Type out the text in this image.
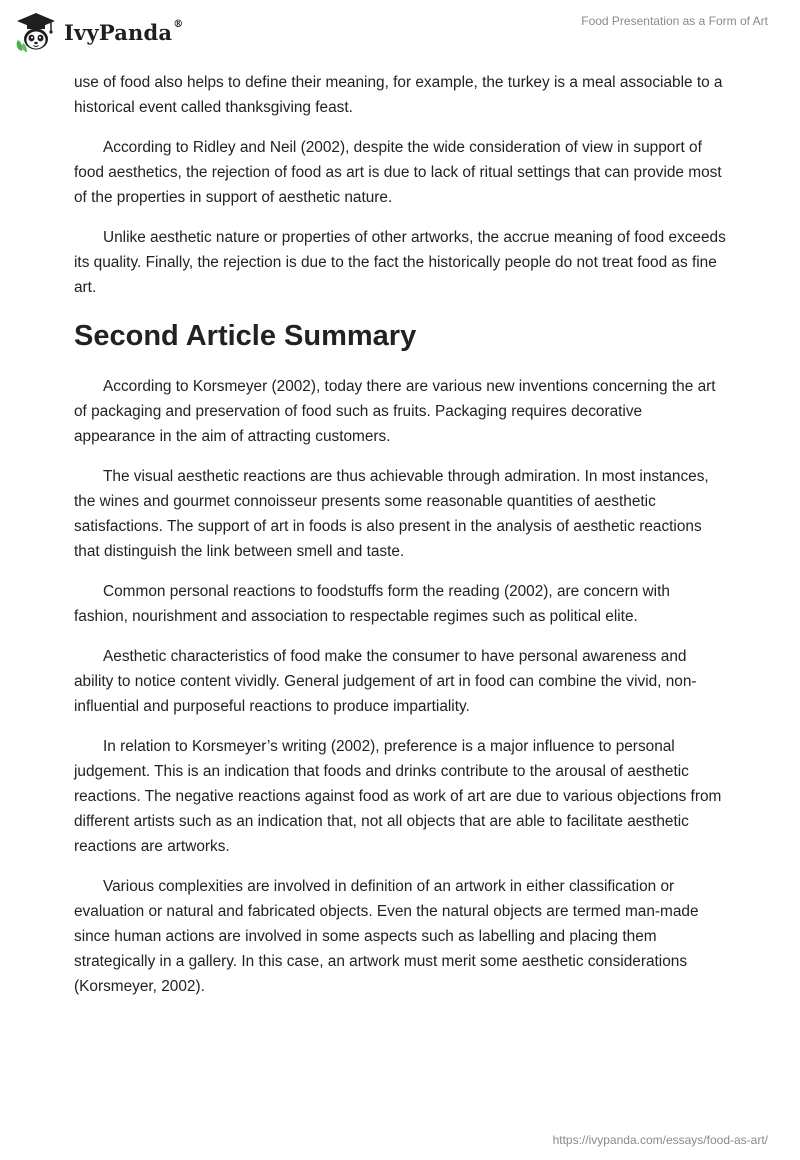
IvyPanda®	Food Presentation as a Form of Art

use of food also helps to define their meaning, for example, the turkey is a meal associable to a historical event called thanksgiving feast.

According to Ridley and Neil (2002), despite the wide consideration of view in support of food aesthetics, the rejection of food as art is due to lack of ritual settings that can provide most of the properties in support of aesthetic nature.

Unlike aesthetic nature or properties of other artworks, the accrue meaning of food exceeds its quality. Finally, the rejection is due to the fact the historically people do not treat food as fine art.

Second Article Summary

According to Korsmeyer (2002), today there are various new inventions concerning the art of packaging and preservation of food such as fruits. Packaging requires decorative appearance in the aim of attracting customers.

The visual aesthetic reactions are thus achievable through admiration. In most instances, the wines and gourmet connoisseur presents some reasonable quantities of aesthetic satisfactions. The support of art in foods is also present in the analysis of aesthetic reactions that distinguish the link between smell and taste.

Common personal reactions to foodstuffs form the reading (2002), are concern with fashion, nourishment and association to respectable regimes such as political elite.

Aesthetic characteristics of food make the consumer to have personal awareness and ability to notice content vividly. General judgement of art in food can combine the vivid, non-influential and purposeful reactions to produce impartiality.

In relation to Korsmeyer’s writing (2002), preference is a major influence to personal judgement. This is an indication that foods and drinks contribute to the arousal of aesthetic reactions. The negative reactions against food as work of art are due to various objections from different artists such as an indication that, not all objects that are able to facilitate aesthetic reactions are artworks.

Various complexities are involved in definition of an artwork in either classification or evaluation or natural and fabricated objects. Even the natural objects are termed man-made since human actions are involved in some aspects such as labelling and placing them strategically in a gallery. In this case, an artwork must merit some aesthetic considerations (Korsmeyer, 2002).

https://ivypanda.com/essays/food-as-art/
